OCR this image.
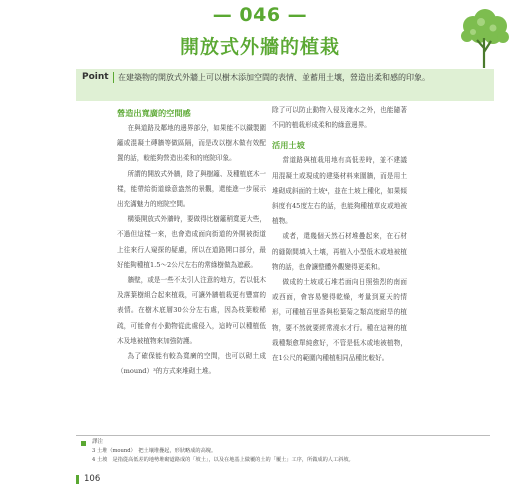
— 046 —
開放式外牆的植栽
Point 在建築物的開放式外牆上可以樹木添加空間的表情、並蓄用土壤，營造出柔和感的印象。
營造出寬廣的空間感

在與道路及鄰地的邊界部分，如果能不以鐵製圍籬或混凝土磚牆等做區隔，而是改以樹木做有效配置的話，較能夠營造出柔和的庭院印象。

所謂的開放式外牆，除了與樹籬、及種植底木一樣，能帶給街道綠意盎然的景觀，還能進一步展示出充滿魅力的庭院空間。

構築開放式外牆時，要做得比樹籬稍寬更大些，不過但這樣一來，也會造成面向街道的外開被街道上往來行人窺探的疑慮，所以在道路開口部分，最好能夠種植1.5～2公尺左右的常綠樹做為遮蔽。

牆壁，或是一些不太引人注意的地方，若以低木及落葉樹組合起來植栽，可讓外牆植栽更有豐富的表情。在樹木底層30公分左右處，因為枝葉較稀疏，可能會有小動物從此處侵入，這時可以種植低木及地被植物來加強防護。

為了確保能有較為寬廣的空間，也可以砌土成（mound）³的方式來堆砌土堆。

除了可以防止動物入侵及淹水之外，也能隨著不同的植栽形成柔和的綠意邊界。

活用土坡

當道路與植栽用地有高低差時，並不建議用混凝土或現成的建築材料來圍牆，而是用土堆砌成斜面的土坡⁴，並在土坡上種化，如果傾斜度有45度左右的話，也能夠種植草皮或地被植物。

或者，還幾個天然石材堆疊起來，在石材的縫隙間填入土壤，再植入小型低木或地被植物的話，也會讓整體外觀變得更柔和。

做成的土坡或石堆若面向日照強烈的南面或西面，會容易變得乾燥，考量到夏天的情形，可種植百里香與松葉菊之類高度耐旱的植物，要不然就要經常澆水才行。種在這裡的植栽種類愈單純愈好，不管是低木或地被植物，在1公尺的範圍內種植相同品種比較好。

譯注
3 土堆（mound）　把土壤堆疊起，形狀略成的高塊。
4 土坡　是指從高低差的地勢堆砌道路成的「坡土」，以及在地基上做覆的土的「覆土」工序，所做成的人工斜坡。
106
